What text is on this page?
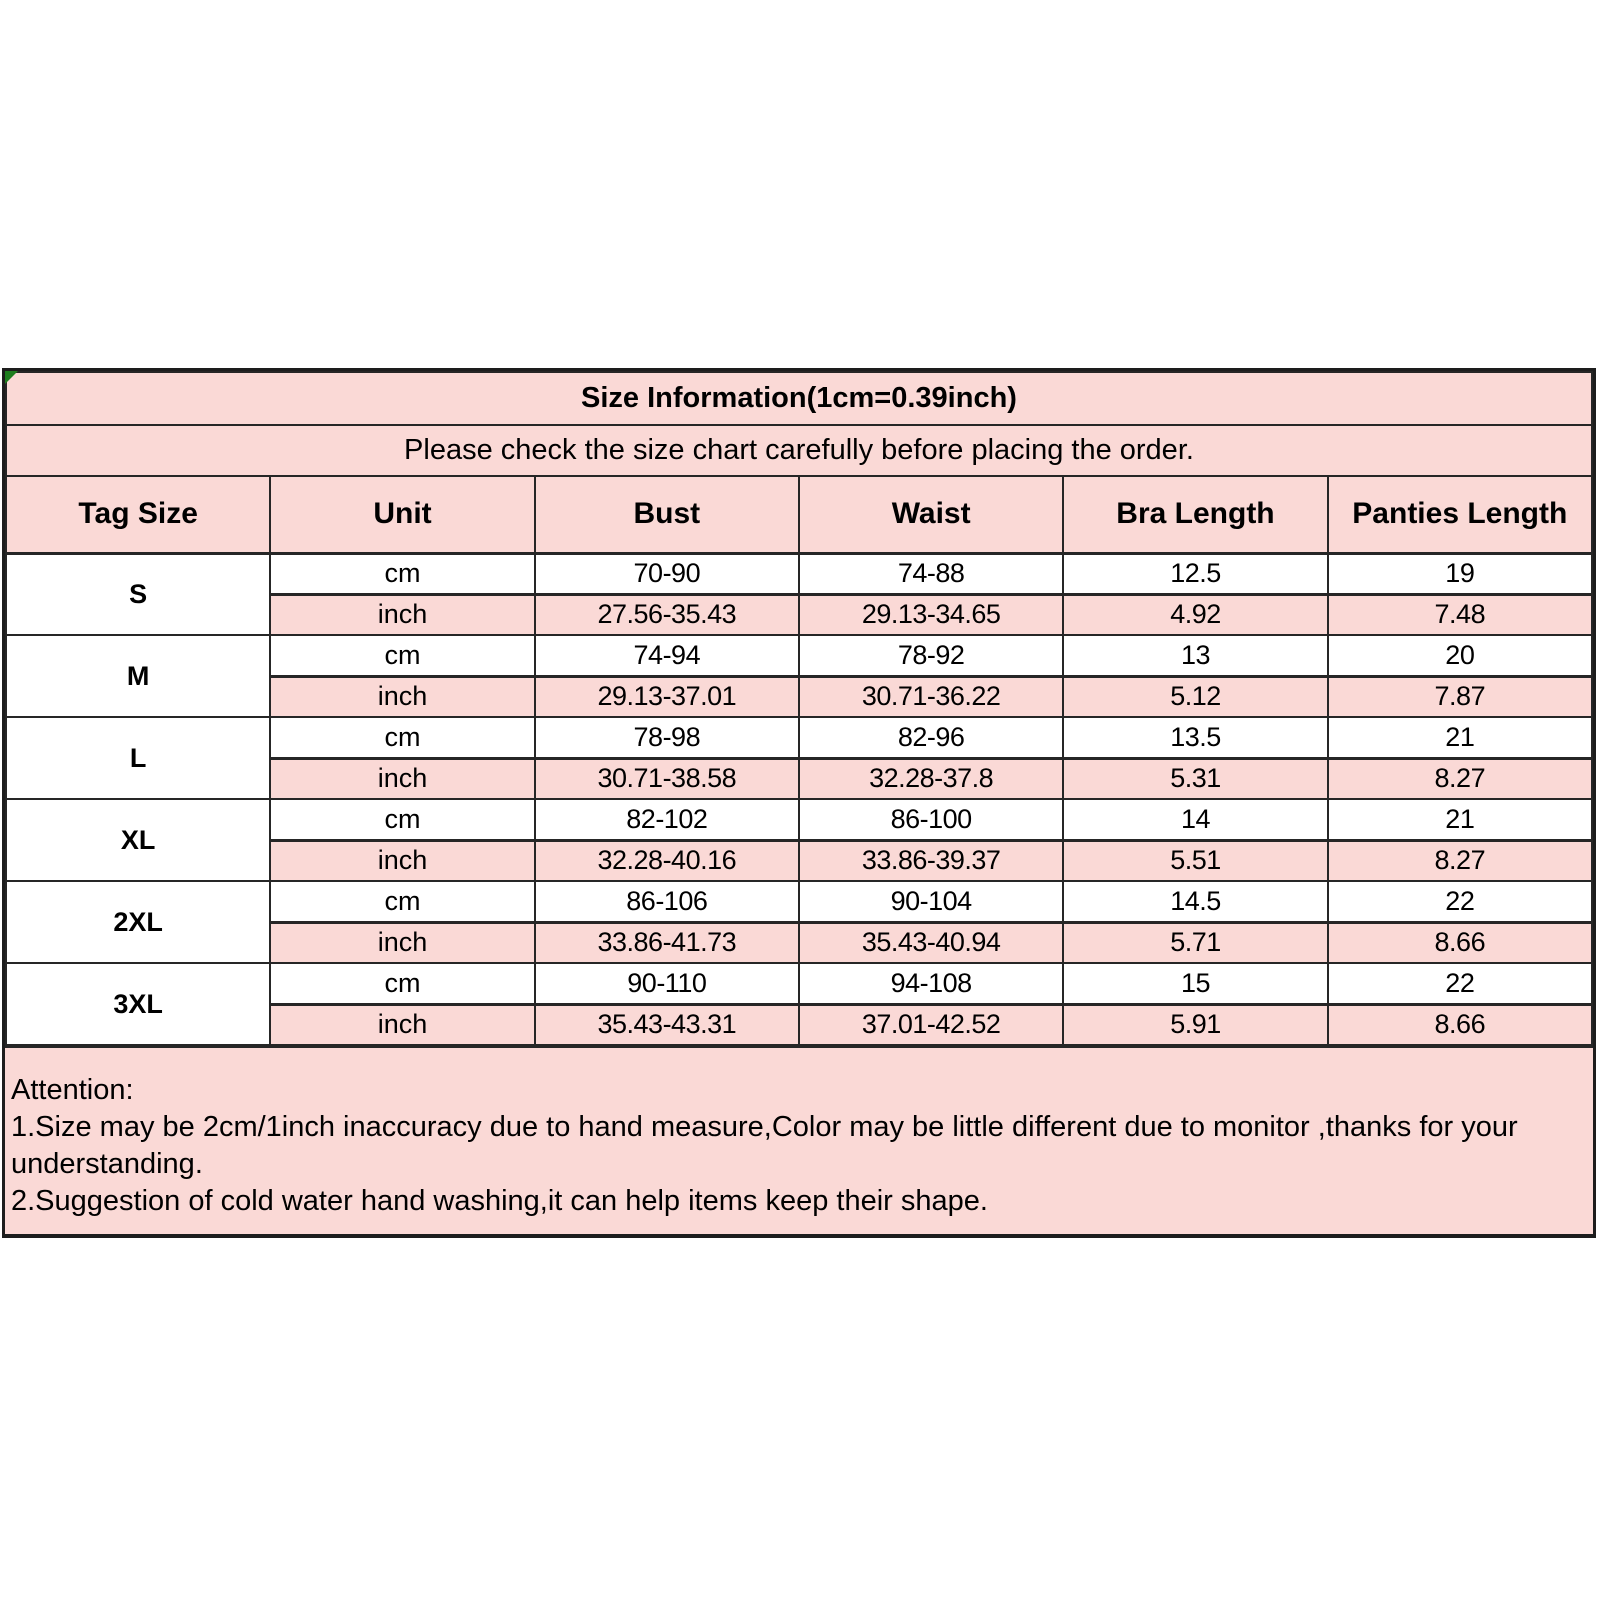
Size Information(1cm=0.39inch)					
Please check the size chart carefully before placing the order.					
Tag Size	Unit	Bust	Waist	Bra Length	Panties Length
S	cm	70-90	74-88	12.5	19
	inch	27.56-35.43	29.13-34.65	4.92	7.48
M	cm	74-94	78-92	13	20
	inch	29.13-37.01	30.71-36.22	5.12	7.87
L	cm	78-98	82-96	13.5	21
	inch	30.71-38.58	32.28-37.8	5.31	8.27
XL	cm	82-102	86-100	14	21
	inch	32.28-40.16	33.86-39.37	5.51	8.27
2XL	cm	86-106	90-104	14.5	22
	inch	33.86-41.73	35.43-40.94	5.71	8.66
3XL	cm	90-110	94-108	15	22
	inch	35.43-43.31	37.01-42.52	5.91	8.66
Attention:
1.Size may be 2cm/1inch inaccuracy due to hand measure,Color may be little different due to monitor ,thanks for your understanding.
2.Suggestion of cold water hand washing,it can help items keep their shape.
